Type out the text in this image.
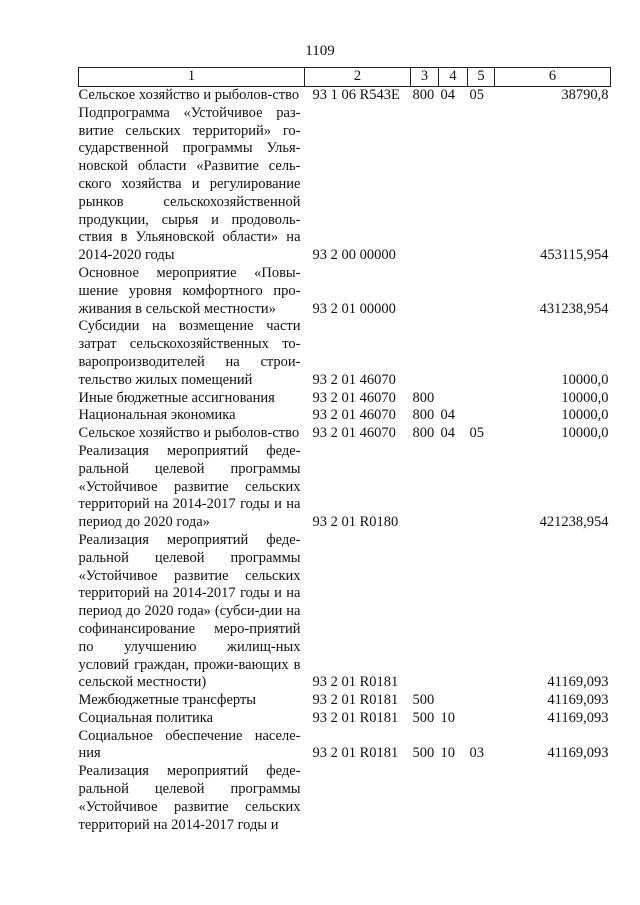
1109
1	2	3	4	5	6
Сельское хозяйство и рыболов-ство	93 1 06 R543E	800	04	05	38790,8
Подпрограмма «Устойчивое раз-витие сельских территорий» го-сударственной программы Улья-новской области «Развитие сель-ского хозяйства и регулирование рынков сельскохозяйственной продукции, сырья и продоволь-ствия в Ульяновской области» на 2014-2020 годы	93 2 00 00000				453115,954
Основное мероприятие «Повы-шение уровня комфортного про-живания в сельской местности»	93 2 01 00000				431238,954
Субсидии на возмещение части затрат сельскохозяйственных то-варопроизводителей на строи-тельство жилых помещений	93 2 01 46070				10000,0
Иные бюджетные ассигнования	93 2 01 46070	800			10000,0
Национальная экономика	93 2 01 46070	800	04		10000,0
Сельское хозяйство и рыболов-ство	93 2 01 46070	800	04	05	10000,0
Реализация мероприятий феде-ральной целевой программы «Устойчивое развитие сельских территорий на 2014-2017 годы и на период до 2020 года»	93 2 01 R0180				421238,954
Реализация мероприятий феде-ральной целевой программы «Устойчивое развитие сельских территорий на 2014-2017 годы и на период до 2020 года» (субси-дии на софинансирование меро-приятий по улучшению жилищ-ных условий граждан, прожи-вающих в сельской местности)	93 2 01 R0181				41169,093
Межбюджетные трансферты	93 2 01 R0181	500			41169,093
Социальная политика	93 2 01 R0181	500	10		41169,093
Социальное обеспечение населе-ния	93 2 01 R0181	500	10	03	41169,093
Реализация мероприятий феде-ральной целевой программы «Устойчивое развитие сельских территорий на 2014-2017 годы и					
